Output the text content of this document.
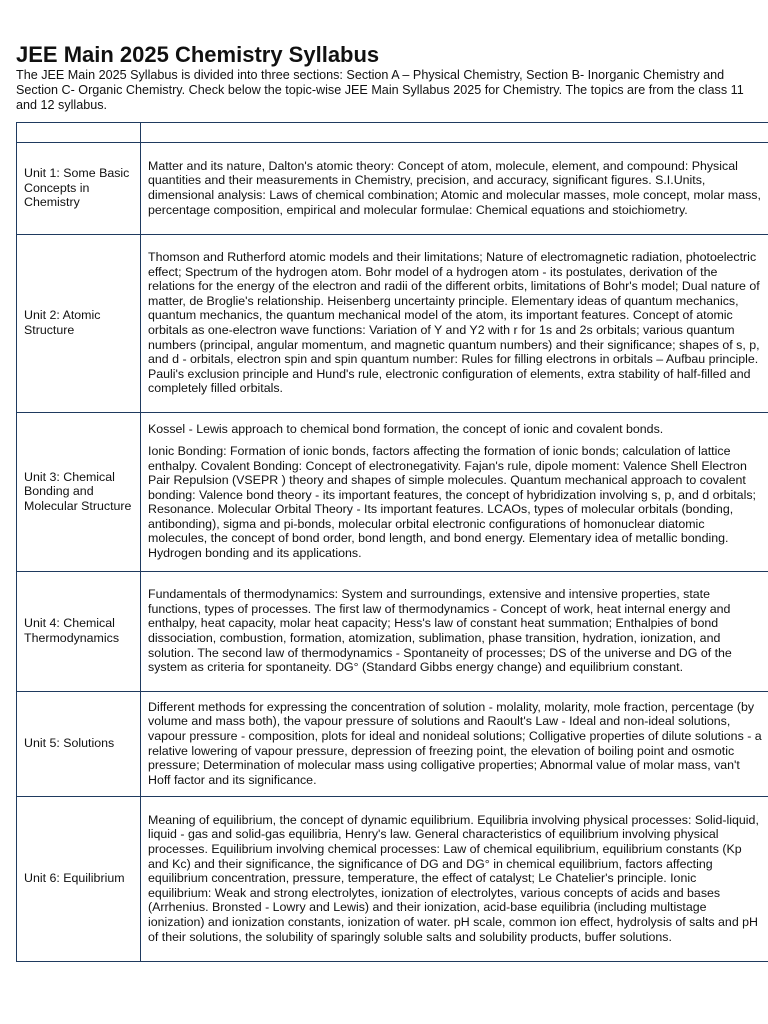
JEE Main 2025 Chemistry Syllabus
The JEE Main 2025 Syllabus is divided into three sections: Section A – Physical Chemistry, Section B- Inorganic Chemistry and Section C- Organic Chemistry. Check below the topic-wise JEE Main Syllabus 2025 for Chemistry. The topics are from the class 11 and 12 syllabus.

Unit 1: Some Basic Concepts in Chemistry	Matter and its nature, Dalton's atomic theory: Concept of atom, molecule, element, and compound: Physical quantities and their measurements in Chemistry, precision, and accuracy, significant figures. S.I.Units, dimensional analysis: Laws of chemical combination; Atomic and molecular masses, mole concept, molar mass, percentage composition, empirical and molecular formulae: Chemical equations and stoichiometry.

Unit 2: Atomic Structure	Thomson and Rutherford atomic models and their limitations; Nature of electromagnetic radiation, photoelectric effect; Spectrum of the hydrogen atom. Bohr model of a hydrogen atom - its postulates, derivation of the relations for the energy of the electron and radii of the different orbits, limitations of Bohr's model; Dual nature of matter, de Broglie's relationship. Heisenberg uncertainty principle. Elementary ideas of quantum mechanics, quantum mechanics, the quantum mechanical model of the atom, its important features. Concept of atomic orbitals as one-electron wave functions: Variation of Y and Y2 with r for 1s and 2s orbitals; various quantum numbers (principal, angular momentum, and magnetic quantum numbers) and their significance; shapes of s, p, and d - orbitals, electron spin and spin quantum number: Rules for filling electrons in orbitals – Aufbau principle. Pauli's exclusion principle and Hund's rule, electronic configuration of elements, extra stability of half-filled and completely filled orbitals.

Unit 3: Chemical Bonding and Molecular Structure	Kossel - Lewis approach to chemical bond formation, the concept of ionic and covalent bonds.

Ionic Bonding: Formation of ionic bonds, factors affecting the formation of ionic bonds; calculation of lattice enthalpy. Covalent Bonding: Concept of electronegativity. Fajan's rule, dipole moment: Valence Shell Electron Pair Repulsion (VSEPR ) theory and shapes of simple molecules. Quantum mechanical approach to covalent bonding: Valence bond theory - its important features, the concept of hybridization involving s, p, and d orbitals; Resonance. Molecular Orbital Theory - Its important features. LCAOs, types of molecular orbitals (bonding, antibonding), sigma and pi-bonds, molecular orbital electronic configurations of homonuclear diatomic molecules, the concept of bond order, bond length, and bond energy. Elementary idea of metallic bonding. Hydrogen bonding and its applications.

Unit 4: Chemical Thermodynamics	Fundamentals of thermodynamics: System and surroundings, extensive and intensive properties, state functions, types of processes. The first law of thermodynamics - Concept of work, heat internal energy and enthalpy, heat capacity, molar heat capacity; Hess's law of constant heat summation; Enthalpies of bond dissociation, combustion, formation, atomization, sublimation, phase transition, hydration, ionization, and solution. The second law of thermodynamics - Spontaneity of processes; DS of the universe and DG of the system as criteria for spontaneity. DG° (Standard Gibbs energy change) and equilibrium constant.

Unit 5: Solutions	Different methods for expressing the concentration of solution - molality, molarity, mole fraction, percentage (by volume and mass both), the vapour pressure of solutions and Raoult's Law - Ideal and non-ideal solutions, vapour pressure - composition, plots for ideal and nonideal solutions; Colligative properties of dilute solutions - a relative lowering of vapour pressure, depression of freezing point, the elevation of boiling point and osmotic pressure; Determination of molecular mass using colligative properties; Abnormal value of molar mass, van't Hoff factor and its significance.

Unit 6: Equilibrium	Meaning of equilibrium, the concept of dynamic equilibrium. Equilibria involving physical processes: Solid-liquid, liquid - gas and solid-gas equilibria, Henry's law. General characteristics of equilibrium involving physical processes. Equilibrium involving chemical processes: Law of chemical equilibrium, equilibrium constants (Kp and Kc) and their significance, the significance of DG and DG° in chemical equilibrium, factors affecting equilibrium concentration, pressure, temperature, the effect of catalyst; Le Chatelier's principle. Ionic equilibrium: Weak and strong electrolytes, ionization of electrolytes, various concepts of acids and bases (Arrhenius. Bronsted - Lowry and Lewis) and their ionization, acid-base equilibria (including multistage ionization) and ionization constants, ionization of water. pH scale, common ion effect, hydrolysis of salts and pH of their solutions, the solubility of sparingly soluble salts and solubility products, buffer solutions.
